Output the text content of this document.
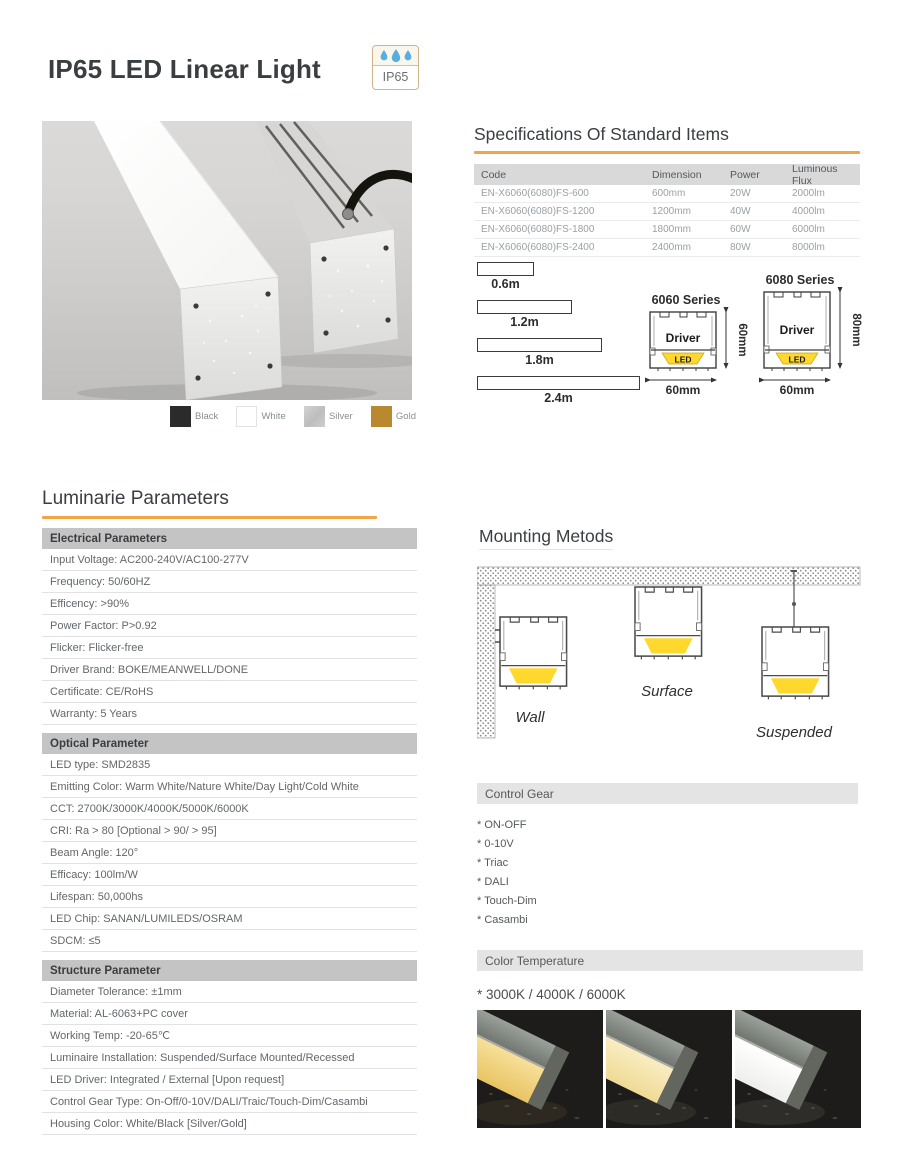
IP65 LED Linear Light	IP65
Black	White	Silver	Gold
Specifications Of Standard Items
Code	Dimension	Power	Luminous Flux
EN-X6060(6080)FS-600	600mm	20W	2000lm
EN-X6060(6080)FS-1200	1200mm	40W	4000lm
EN-X6060(6080)FS-1800	1800mm	60W	6000lm
EN-X6060(6080)FS-2400	2400mm	80W	8000lm
0.6m
1.2m
1.8m
2.4m
6060 Series
Driver
LED
60mm
60mm
6080 Series
Driver
LED
80mm
60mm
Luminarie Parameters
Electrical Parameters
Input Voltage: AC200-240V/AC100-277V
Frequency: 50/60HZ
Efficency: >90%
Power Factor: P>0.92
Flicker: Flicker-free
Driver Brand: BOKE/MEANWELL/DONE
Certificate: CE/RoHS
Warranty: 5 Years
Optical Parameter
LED type: SMD2835
Emitting Color: Warm White/Nature White/Day Light/Cold White
CCT: 2700K/3000K/4000K/5000K/6000K
CRI: Ra > 80 [Optional > 90/ > 95]
Beam Angle: 120°
Efficacy: 100lm/W
Lifespan: 50,000hs
LED Chip: SANAN/LUMILEDS/OSRAM
SDCM: ≤5
Structure Parameter
Diameter Tolerance: ±1mm
Material: AL-6063+PC cover
Working Temp: -20-65℃
Luminaire Installation: Suspended/Surface Mounted/Recessed
LED Driver: Integrated / External [Upon request]
Control Gear Type: On-Off/0-10V/DALI/Traic/Touch-Dim/Casambi
Housing Color: White/Black [Silver/Gold]
Mounting Metods
Wall
Surface
Suspended
Control Gear
* ON-OFF
* 0-10V
* Triac
* DALI
* Touch-Dim
* Casambi
Color Temperature
* 3000K / 4000K / 6000K
